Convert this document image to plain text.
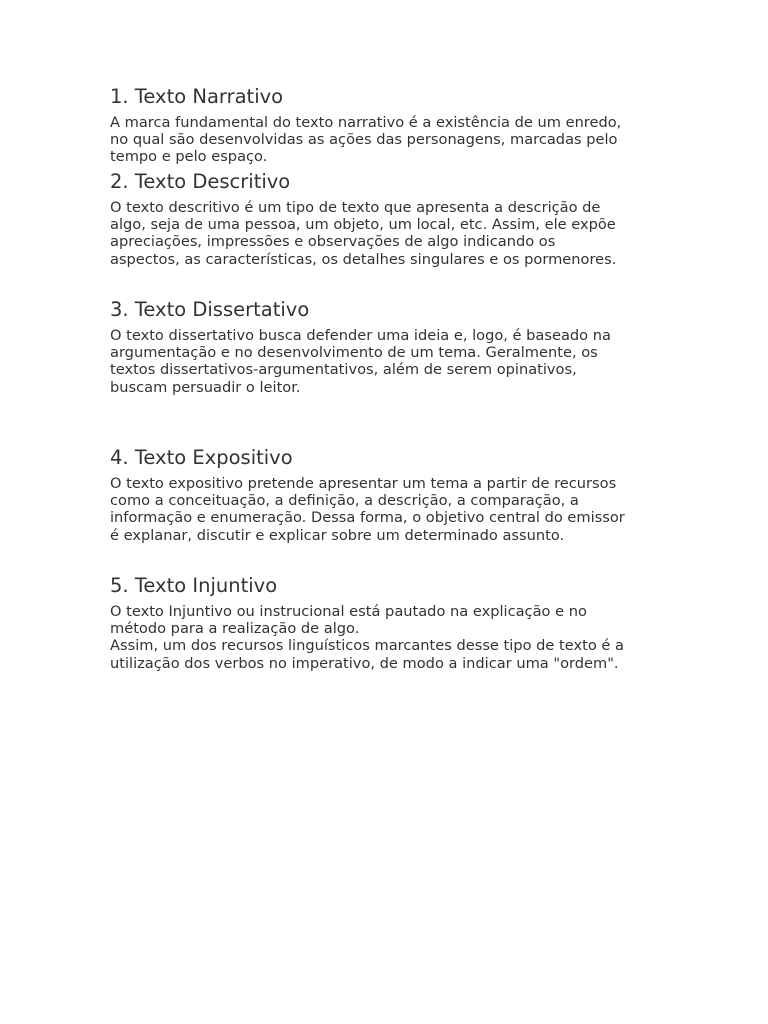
1. Texto Narrativo

A marca fundamental do texto narrativo é a existência de um enredo,
no qual são desenvolvidas as ações das personagens, marcadas pelo
tempo e pelo espaço.

2. Texto Descritivo

O texto descritivo é um tipo de texto que apresenta a descrição de
algo, seja de uma pessoa, um objeto, um local, etc. Assim, ele expõe
apreciações, impressões e observações de algo indicando os
aspectos, as características, os detalhes singulares e os pormenores.

3. Texto Dissertativo

O texto dissertativo busca defender uma ideia e, logo, é baseado na
argumentação e no desenvolvimento de um tema. Geralmente, os
textos dissertativos-argumentativos, além de serem opinativos,
buscam persuadir o leitor.

4. Texto Expositivo

O texto expositivo pretende apresentar um tema a partir de recursos
como a conceituação, a definição, a descrição, a comparação, a
informação e enumeração. Dessa forma, o objetivo central do emissor
é explanar, discutir e explicar sobre um determinado assunto.

5. Texto Injuntivo

O texto Injuntivo ou instrucional está pautado na explicação e no
método para a realização de algo.

Assim, um dos recursos linguísticos marcantes desse tipo de texto é a
utilização dos verbos no imperativo, de modo a indicar uma "ordem".
